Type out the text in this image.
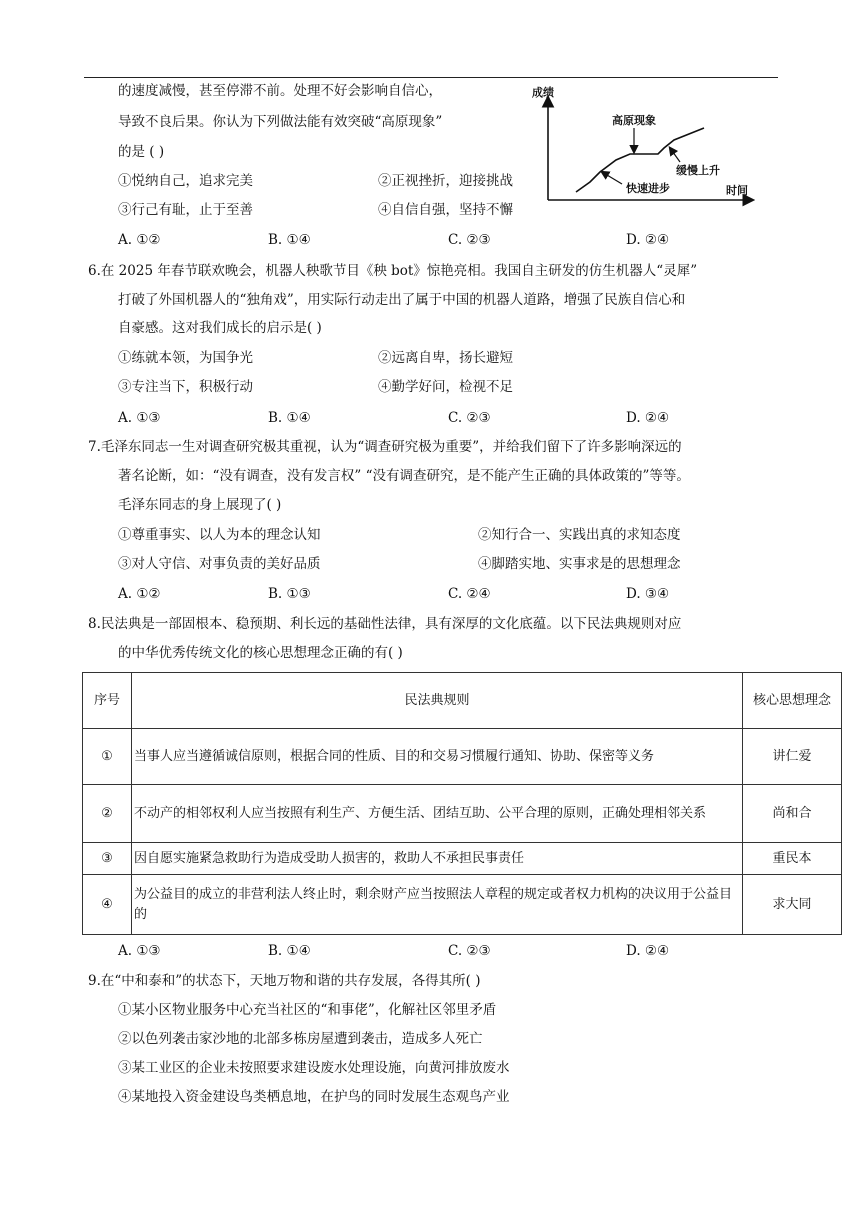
的速度减慢，甚至停滞不前。处理不好会影响自信心，
导致不良后果。你认为下列做法能有效突破“高原现象”
的是 ( )
①悦纳自己，追求完美	②正视挫折，迎接挑战
③行己有耻，止于至善	④自信自强，坚持不懈
A. ①②	B. ①④	C. ②③	D. ②④
成绩
时间
高原现象
缓慢上升
快速进步
6.在 2025 年春节联欢晚会，机器人秧歌节目《秧 bot》惊艳亮相。我国自主研发的仿生机器人“灵犀”
打破了外国机器人的“独角戏”，用实际行动走出了属于中国的机器人道路，增强了民族自信心和
自豪感。这对我们成长的启示是( )
①练就本领，为国争光	②远离自卑，扬长避短
③专注当下，积极行动	④勤学好问，检视不足
A. ①③	B. ①④	C. ②③	D. ②④
7.毛泽东同志一生对调查研究极其重视，认为“调查研究极为重要”，并给我们留下了许多影响深远的
著名论断，如：“没有调查，没有发言权” “没有调查研究，是不能产生正确的具体政策的”等等。
毛泽东同志的身上展现了( )
①尊重事实、以人为本的理念认知	②知行合一、实践出真的求知态度
③对人守信、对事负责的美好品质	④脚踏实地、实事求是的思想理念
A. ①②	B. ①③	C. ②④	D. ③④
8.民法典是一部固根本、稳预期、利长远的基础性法律，具有深厚的文化底蕴。以下民法典规则对应
的中华优秀传统文化的核心思想理念正确的有( )
序号	民法典规则	核心思想理念
①	当事人应当遵循诚信原则，根据合同的性质、目的和交易习惯履行通知、协助、保密等义务	讲仁爱
②	不动产的相邻权利人应当按照有利生产、方便生活、团结互助、公平合理的原则，正确处理相邻关系	尚和合
③	因自愿实施紧急救助行为造成受助人损害的，救助人不承担民事责任	重民本
④	为公益目的成立的非营利法人终止时，剩余财产应当按照法人章程的规定或者权力机构的决议用于公益目的	求大同
A. ①③	B. ①④	C. ②③	D. ②④
9.在“中和泰和”的状态下，天地万物和谐的共存发展，各得其所( )
①某小区物业服务中心充当社区的“和事佬”，化解社区邻里矛盾
②以色列袭击家沙地的北部多栋房屋遭到袭击，造成多人死亡
③某工业区的企业未按照要求建设废水处理设施，向黄河排放废水
④某地投入资金建设鸟类栖息地，在护鸟的同时发展生态观鸟产业
